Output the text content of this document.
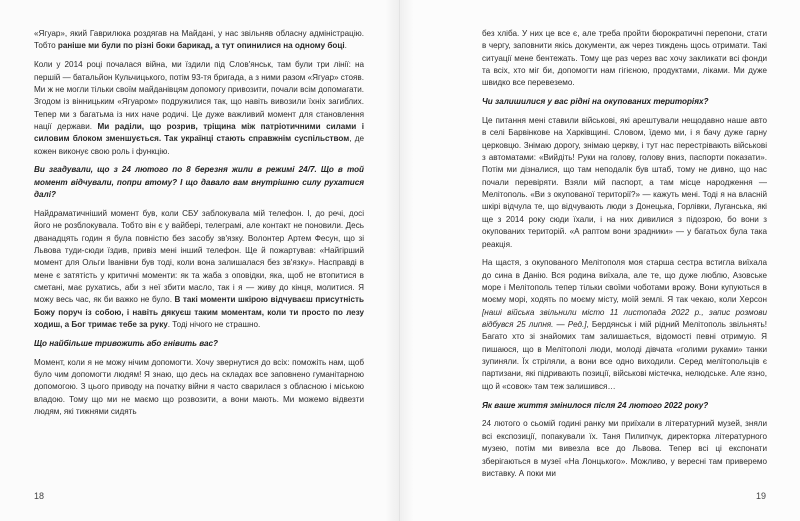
«Ягуар», який Гаврилюка роздягав на Майдані, у нас звільняв обласну адміністрацію. Тобто раніше ми були по різні боки барикад, а тут опинилися на одному боці.

Коли у 2014 році почалася війна, ми їздили під Слов'янськ, там були три лінії: на першій — батальйон Кульчицького, потім 93-тя бригада, а з ними разом «Ягуар» стояв. Ми ж не могли тільки своїм майданівцям допомогу привозити, почали всім допомагати. Згодом із вінницьким «Ягуаром» подружилися так, що навіть вивозили їхніх загиблих. Тепер ми з багатьма із них наче родичі. Це дуже важливий момент для становлення нації держави. Ми раділи, що розрив, тріщина між патріотичними силами і силовим блоком зменшується. Так українці стають справжнім суспільством, де кожен виконує свою роль і функцію.

Ви згадували, що з 24 лютого по 8 березня жили в режимі 24/7. Що в той момент відчували, попри втому? І що давало вам внутрішню силу рухатися далі?

Найдраматичніший момент був, коли СБУ заблокувала мій телефон. І, до речі, досі його не розблокувала. Тобто він є у вайбері, телеграмі, але контакт не поновили. Десь дванадцять годин я була повністю без засобу зв'язку. Волонтер Артем Фесун, що зі Львова туди-сюди їздив, привіз мені інший телефон. Ще й пожартував: «Найгірший момент для Ольги Іванівни був тоді, коли вона залишалася без зв'язку». Насправді в мене є затятість у критичні моменти: як та жаба з оповідки, яка, щоб не втопитися в сметані, має рухатись, аби з неї збити масло, так і я — живу до кінця, молитися. Я можу весь час, як би важко не було. В такі моменти шкірою відчуваєш присутність Божу поруч із собою, і навіть дякуєш таким моментам, коли ти просто по лезу ходиш, а Бог тримає тебе за руку. Тоді нічого не страшно.

Що найбільше тривожить або гнівить вас?

Момент, коли я не можу нічим допомогти. Хочу звернутися до всіх: поможіть нам, щоб було чим допомогти людям! Я знаю, що десь на складах все заповнено гуманітарною допомогою. З цього приводу на початку війни я часто сварилася з обласною і міською владою. Тому що ми не маємо що розвозити, а вони мають. Ми можемо відвезти людям, які тижнями сидять

18

без хліба. У них це все є, але треба пройти бюрократичні перепони, стати в чергу, заповнити якісь документи, аж через тиждень щось отримати. Такі ситуації мене бентежать. Тому ще раз через вас хочу закликати всі фонди та всіх, хто міг би, допомогти нам гігієною, продуктами, ліками. Ми дуже швидко все перевеземо.

Чи залишилися у вас рідні на окупованих територіях?

Це питання мені ставили військові, які арештували нещодавно наше авто в селі Барвінкове на Харківщині. Словом, їдемо ми, і я бачу дуже гарну церковцю. Знімаю дорогу, знімаю церкву, і тут нас перестрівають військові з автоматами: «Вийдіть! Руки на голову, голову вниз, паспорти показати». Потім ми дізналися, що там неподалік був штаб, тому не дивно, що нас почали перевіряти. Взяли мій паспорт, а там місце народження — Мелітополь. «Ви з окупованої території?» — кажуть мені. Тоді я на власній шкірі відчула те, що відчувають люди з Донецька, Горлівки, Луганська, які ще з 2014 року сюди їхали, і на них дивилися з підозрою, бо вони з окупованих територій. «А раптом вони зрадники» — у багатьох була така реакція.

На щастя, з окупованого Мелітополя моя старша сестра встигла виїхала до сина в Данію. Вся родина виїхала, але те, що дуже люблю, Азовське море і Мелітополь тепер тільки своїми чоботами врожу. Вони купуються в моєму морі, ходять по моєму місту, моїй землі. Я так чекаю, коли Херсон [наші війська звільнили місто 11 листопада 2022 р., запис розмови відбувся 25 липня. — Ред.], Бердянськ і мій рідний Мелітополь звільнять! Багато хто зі знайомих там залишається, відомості певні отримую. Я пишаюся, що в Мелітополі люди, молоді дівчата «голими руками» танки зупиняли. Їх стріляли, а вони все одно виходили. Серед мелітопольців є партизани, які підривають позиції, військові містечка, нелюдське. Але язно, що й «совок» там теж залишився…

Як ваше життя змінилося після 24 лютого 2022 року?

24 лютого о сьомій годині ранку ми приїхали в літературний музей, зняли всі експозиції, попакували їх. Таня Пилипчук, директорка літературного музею, потім ми вивезла все до Львова. Тепер всі ці експонати зберігаються в музеї «На Лонцького». Можливо, у вересні там приверемо виставку. А поки ми

19
